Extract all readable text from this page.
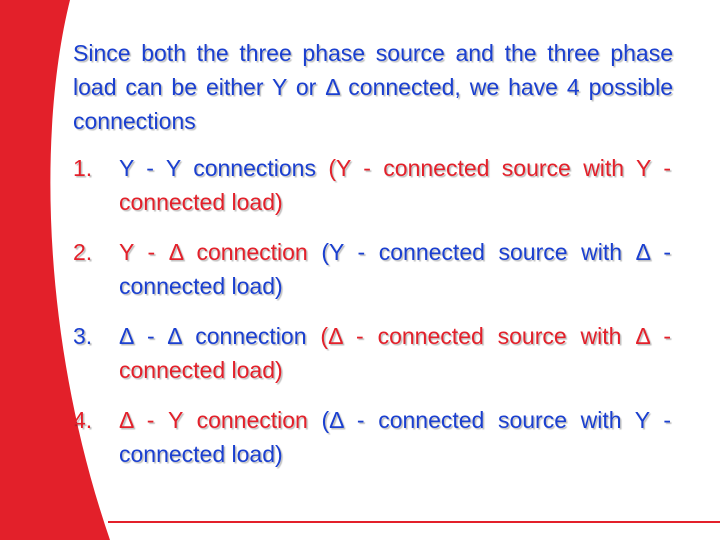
Since both the three phase source and the three phase load can be either Y or Δ connected, we have 4 possible connections
1.	Y - Y connections (Y - connected source with Y - connected load)
2.	Y - Δ connection (Y - connected source with Δ - connected load)
3.	Δ - Δ connection (Δ - connected source with Δ - connected load)
4.	Δ - Y connection (Δ - connected source with Y - connected load)
